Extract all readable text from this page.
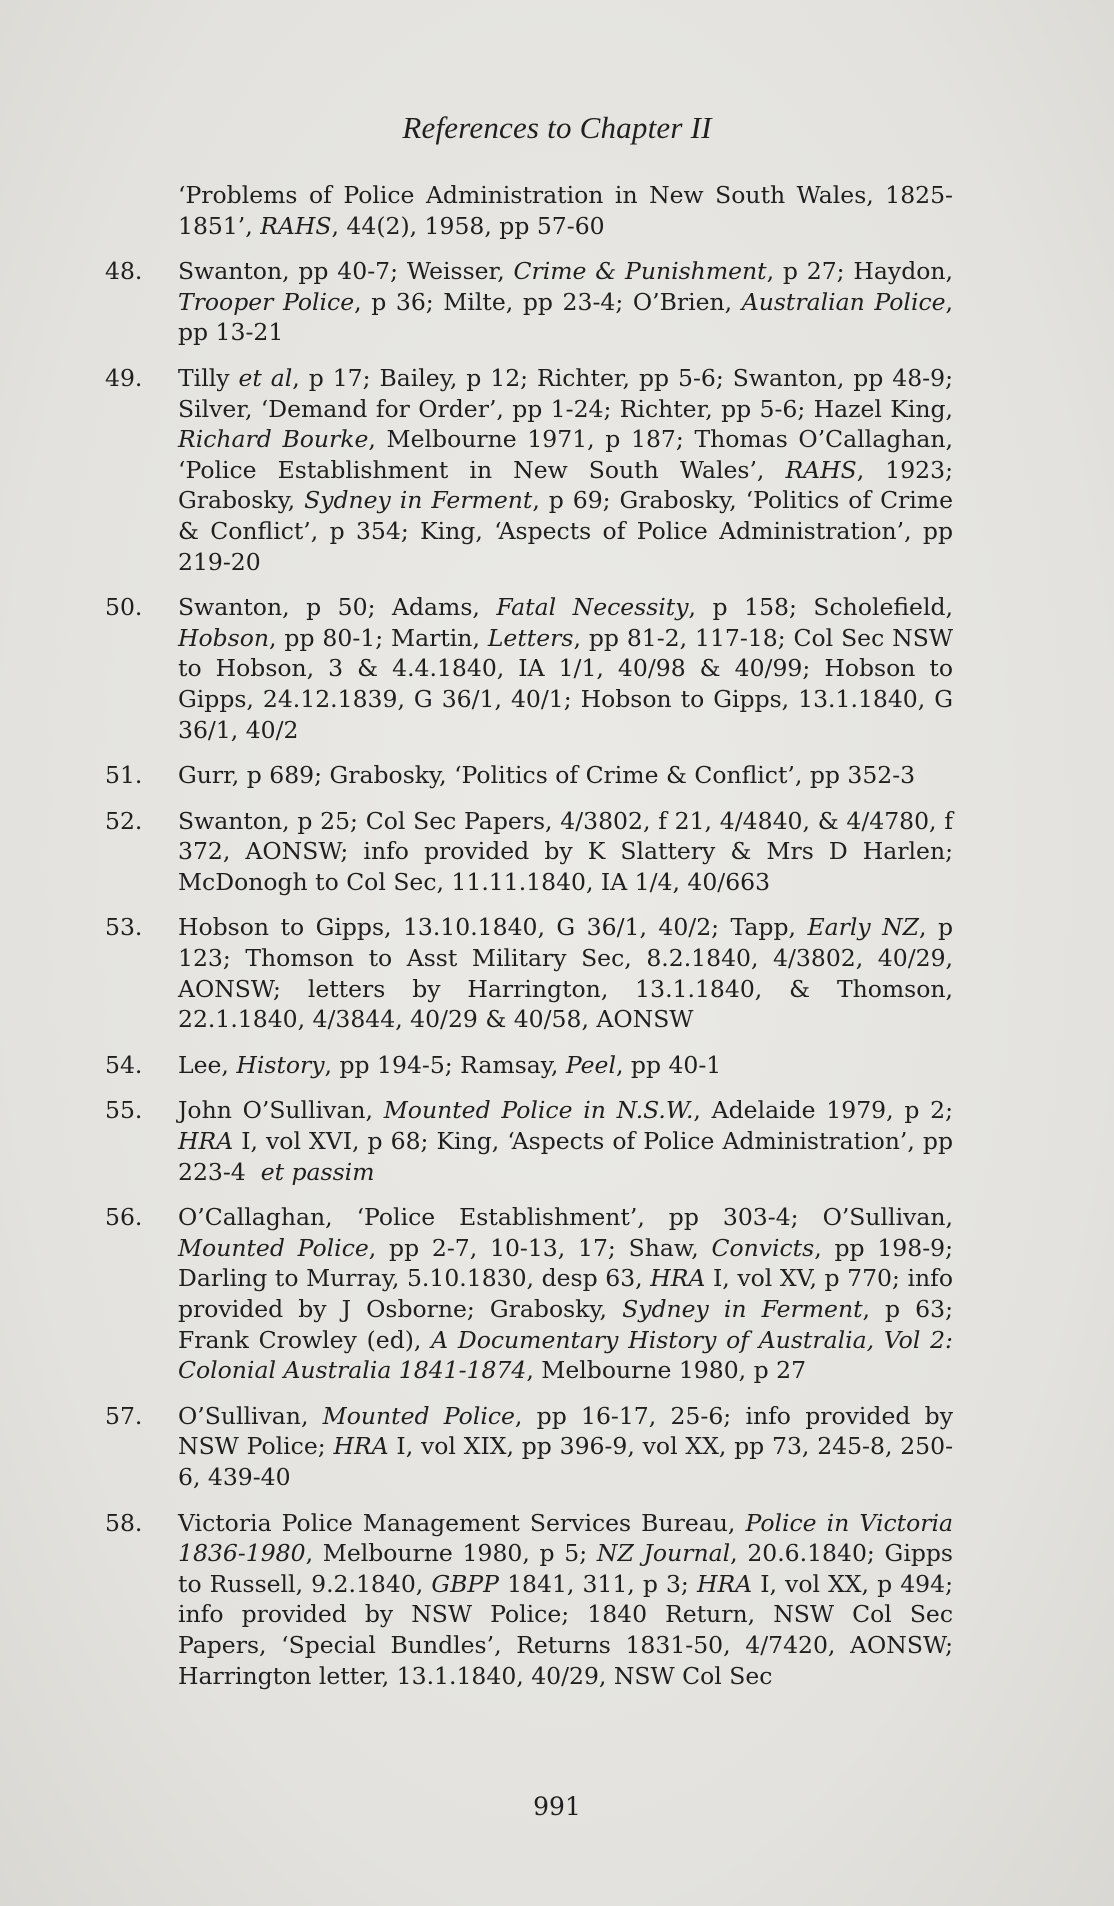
References to Chapter II
‘Problems of Police Administration in New South Wales, 1825-1851’, RAHS, 44(2), 1958, pp 57-60
48. Swanton, pp 40-7; Weisser, Crime & Punishment, p 27; Haydon, Trooper Police, p 36; Milte, pp 23-4; O’Brien, Australian Police, pp 13-21
49. Tilly et al, p 17; Bailey, p 12; Richter, pp 5-6; Swanton, pp 48-9; Silver, ‘Demand for Order’, pp 1-24; Richter, pp 5-6; Hazel King, Richard Bourke, Melbourne 1971, p 187; Thomas O’Callaghan, ‘Police Establishment in New South Wales’, RAHS, 1923; Grabosky, Sydney in Ferment, p 69; Grabosky, ‘Politics of Crime & Conflict’, p 354; King, ‘Aspects of Police Administration’, pp 219-20
50. Swanton, p 50; Adams, Fatal Necessity, p 158; Scholefield, Hobson, pp 80-1; Martin, Letters, pp 81-2, 117-18; Col Sec NSW to Hobson, 3 & 4.4.1840, IA 1/1, 40/98 & 40/99; Hobson to Gipps, 24.12.1839, G 36/1, 40/1; Hobson to Gipps, 13.1.1840, G 36/1, 40/2
51. Gurr, p 689; Grabosky, ‘Politics of Crime & Conflict’, pp 352-3
52. Swanton, p 25; Col Sec Papers, 4/3802, f 21, 4/4840, & 4/4780, f 372, AONSW; info provided by K Slattery & Mrs D Harlen; McDonogh to Col Sec, 11.11.1840, IA 1/4, 40/663
53. Hobson to Gipps, 13.10.1840, G 36/1, 40/2; Tapp, Early NZ, p 123; Thomson to Asst Military Sec, 8.2.1840, 4/3802, 40/29, AONSW; letters by Harrington, 13.1.1840, & Thomson, 22.1.1840, 4/3844, 40/29 & 40/58, AONSW
54. Lee, History, pp 194-5; Ramsay, Peel, pp 40-1
55. John O’Sullivan, Mounted Police in N.S.W., Adelaide 1979, p 2; HRA I, vol XVI, p 68; King, ‘Aspects of Police Administration’, pp 223-4  et passim
56. O’Callaghan, ‘Police Establishment’, pp 303-4; O’Sullivan, Mounted Police, pp 2-7, 10-13, 17; Shaw, Convicts, pp 198-9; Darling to Murray, 5.10.1830, desp 63, HRA I, vol XV, p 770; info provided by J Osborne; Grabosky, Sydney in Ferment, p 63; Frank Crowley (ed), A Documentary History of Australia, Vol 2: Colonial Australia 1841-1874, Melbourne 1980, p 27
57. O’Sullivan, Mounted Police, pp 16-17, 25-6; info provided by NSW Police; HRA I, vol XIX, pp 396-9, vol XX, pp 73, 245-8, 250-6, 439-40
58. Victoria Police Management Services Bureau, Police in Victoria 1836-1980, Melbourne 1980, p 5; NZ Journal, 20.6.1840; Gipps to Russell, 9.2.1840, GBPP 1841, 311, p 3; HRA I, vol XX, p 494; info provided by NSW Police; 1840 Return, NSW Col Sec Papers, ‘Special Bundles’, Returns 1831-50, 4/7420, AONSW; Harrington letter, 13.1.1840, 40/29, NSW Col Sec
991
